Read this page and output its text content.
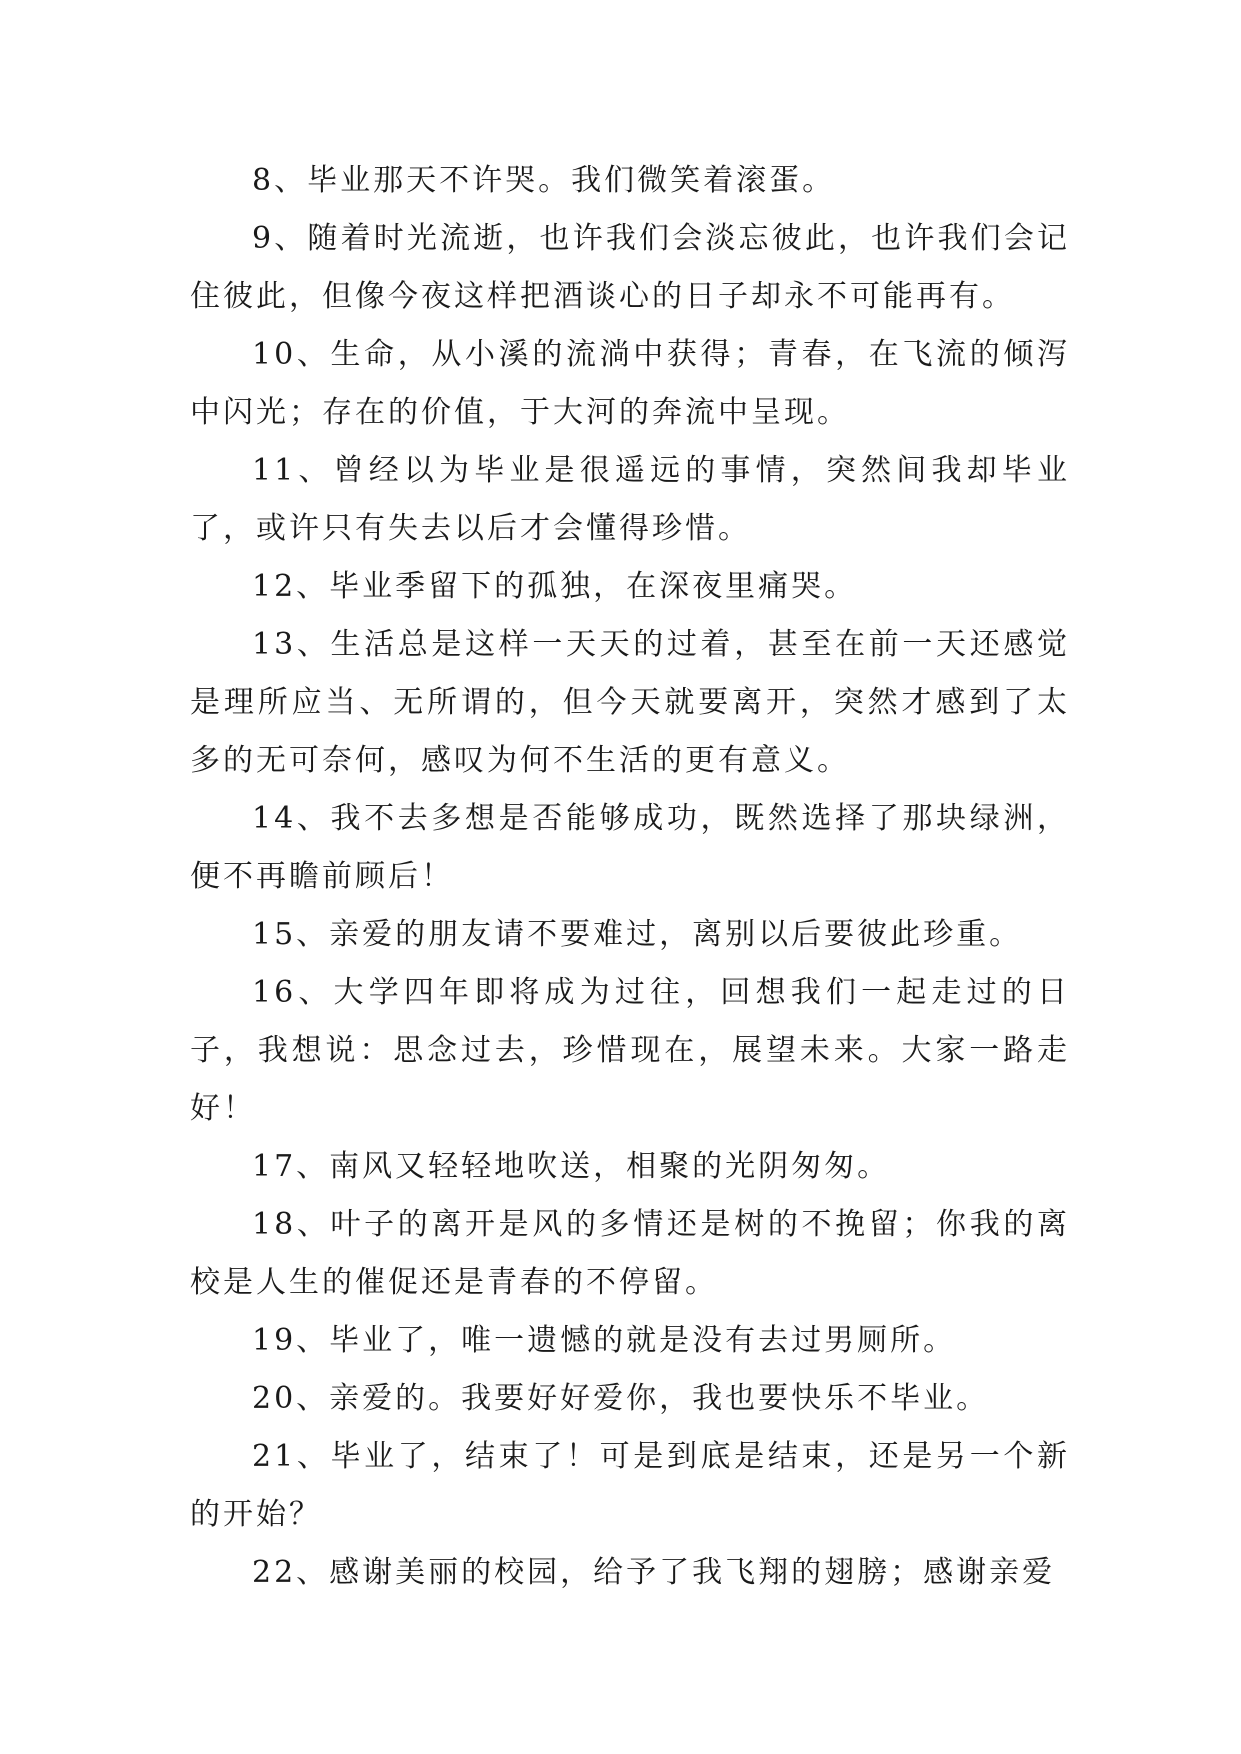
8、毕业那天不许哭。我们微笑着滚蛋。

9、随着时光流逝，也许我们会淡忘彼此，也许我们会记住彼此，但像今夜这样把酒谈心的日子却永不可能再有。

10、生命，从小溪的流淌中获得；青春，在飞流的倾泻中闪光；存在的价值，于大河的奔流中呈现。

11、曾经以为毕业是很遥远的事情，突然间我却毕业了，或许只有失去以后才会懂得珍惜。

12、毕业季留下的孤独，在深夜里痛哭。

13、生活总是这样一天天的过着，甚至在前一天还感觉是理所应当、无所谓的，但今天就要离开，突然才感到了太多的无可奈何，感叹为何不生活的更有意义。

14、我不去多想是否能够成功，既然选择了那块绿洲，便不再瞻前顾后！

15、亲爱的朋友请不要难过，离别以后要彼此珍重。

16、大学四年即将成为过往，回想我们一起走过的日子，我想说：思念过去，珍惜现在，展望未来。大家一路走好！

17、南风又轻轻地吹送，相聚的光阴匆匆。

18、叶子的离开是风的多情还是树的不挽留；你我的离校是人生的催促还是青春的不停留。

19、毕业了，唯一遗憾的就是没有去过男厕所。

20、亲爱的。我要好好爱你，我也要快乐不毕业。

21、毕业了，结束了！可是到底是结束，还是另一个新的开始？

22、感谢美丽的校园，给予了我飞翔的翅膀；感谢亲爱
